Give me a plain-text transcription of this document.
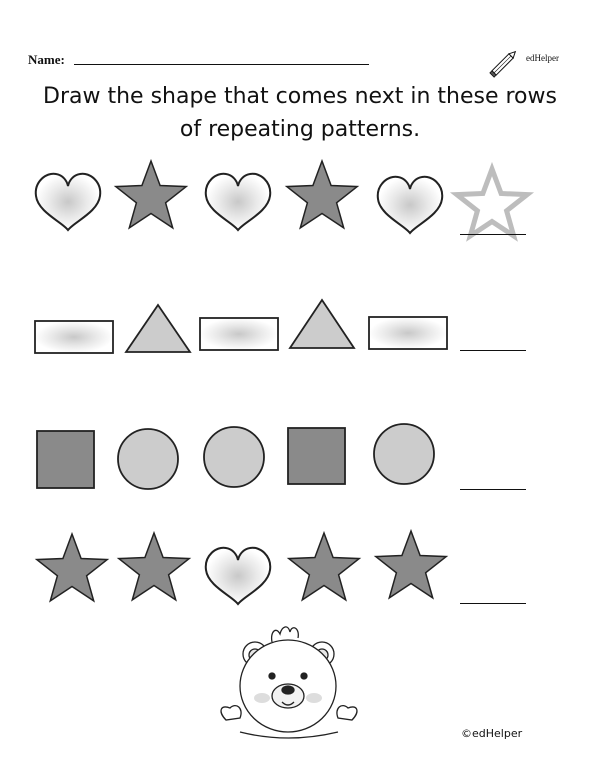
Name:	edHelper

Draw the shape that comes next in these rows of repeating patterns.

©edHelper
